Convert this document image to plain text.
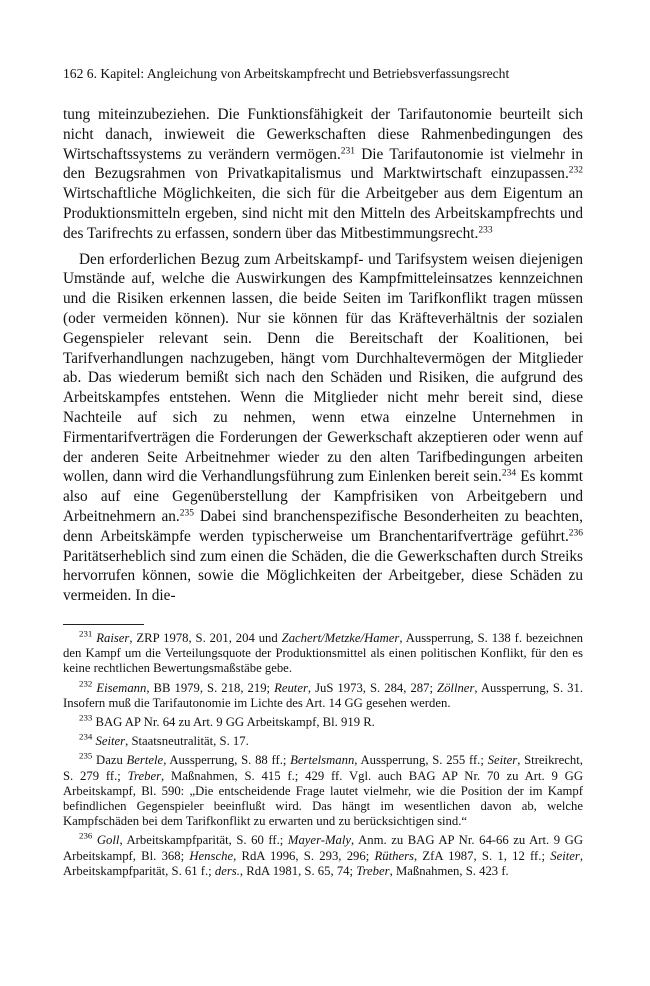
162 6. Kapitel: Angleichung von Arbeitskampfrecht und Betriebsverfassungsrecht

tung miteinzubeziehen. Die Funktionsfähigkeit der Tarifautonomie beurteilt sich nicht danach, inwieweit die Gewerkschaften diese Rahmenbedingungen des Wirtschaftssystems zu verändern vermögen.$^{231}$ Die Tarifautonomie ist vielmehr in den Bezugsrahmen von Privatkapitalismus und Marktwirtschaft einzupassen.$^{232}$ Wirtschaftliche Möglichkeiten, die sich für die Arbeitgeber aus dem Eigentum an Produktionsmitteln ergeben, sind nicht mit den Mitteln des Arbeitskampfrechts und des Tarifrechts zu erfassen, sondern über das Mitbestimmungsrecht.$^{233}$

Den erforderlichen Bezug zum Arbeitskampf- und Tarifsystem weisen diejenigen Umstände auf, welche die Auswirkungen des Kampfmitteleinsatzes kennzeichnen und die Risiken erkennen lassen, die beide Seiten im Tarifkonflikt tragen müssen (oder vermeiden können). Nur sie können für das Kräfteverhältnis der sozialen Gegenspieler relevant sein. Denn die Bereitschaft der Koalitionen, bei Tarifverhandlungen nachzugeben, hängt vom Durchhaltevermögen der Mitglieder ab. Das wiederum bemißt sich nach den Schäden und Risiken, die aufgrund des Arbeitskampfes entstehen. Wenn die Mitglieder nicht mehr bereit sind, diese Nachteile auf sich zu nehmen, wenn etwa einzelne Unternehmen in Firmentarifverträgen die Forderungen der Gewerkschaft akzeptieren oder wenn auf der anderen Seite Arbeitnehmer wieder zu den alten Tarifbedingungen arbeiten wollen, dann wird die Verhandlungsführung zum Einlenken bereit sein.$^{234}$ Es kommt also auf eine Gegenüberstellung der Kampfrisiken von Arbeitgebern und Arbeitnehmern an.$^{235}$ Dabei sind branchenspezifische Besonderheiten zu beachten, denn Arbeitskämpfe werden typischerweise um Branchentarifverträge geführt.$^{236}$ Paritätserheblich sind zum einen die Schäden, die die Gewerkschaften durch Streiks hervorrufen können, sowie die Möglichkeiten der Arbeitgeber, diese Schäden zu vermeiden. In die-

$^{231}$ Raiser, ZRP 1978, S. 201, 204 und Zachert/Metzke/Hamer, Aussperrung, S. 138 f. bezeichnen den Kampf um die Verteilungsquote der Produktionsmittel als einen politischen Konflikt, für den es keine rechtlichen Bewertungsmaßstäbe gebe.

$^{232}$ Eisemann, BB 1979, S. 218, 219; Reuter, JuS 1973, S. 284, 287; Zöllner, Aussperrung, S. 31. Insofern muß die Tarifautonomie im Lichte des Art. 14 GG gesehen werden.

$^{233}$ BAG AP Nr. 64 zu Art. 9 GG Arbeitskampf, Bl. 919 R.

$^{234}$ Seiter, Staatsneutralität, S. 17.

$^{235}$ Dazu Bertele, Aussperrung, S. 88 ff.; Bertelsmann, Aussperrung, S. 255 ff.; Seiter, Streikrecht, S. 279 ff.; Treber, Maßnahmen, S. 415 f.; 429 ff. Vgl. auch BAG AP Nr. 70 zu Art. 9 GG Arbeitskampf, Bl. 590: „Die entscheidende Frage lautet vielmehr, wie die Position der im Kampf befindlichen Gegenspieler beeinflußt wird. Das hängt im wesentlichen davon ab, welche Kampfschäden bei dem Tarifkonflikt zu erwarten und zu berücksichtigen sind.“

$^{236}$ Goll, Arbeitskampfparität, S. 60 ff.; Mayer-Maly, Anm. zu BAG AP Nr. 64-66 zu Art. 9 GG Arbeitskampf, Bl. 368; Hensche, RdA 1996, S. 293, 296; Rüthers, ZfA 1987, S. 1, 12 ff.; Seiter, Arbeitskampfparität, S. 61 f.; ders., RdA 1981, S. 65, 74; Treber, Maßnahmen, S. 423 f.
